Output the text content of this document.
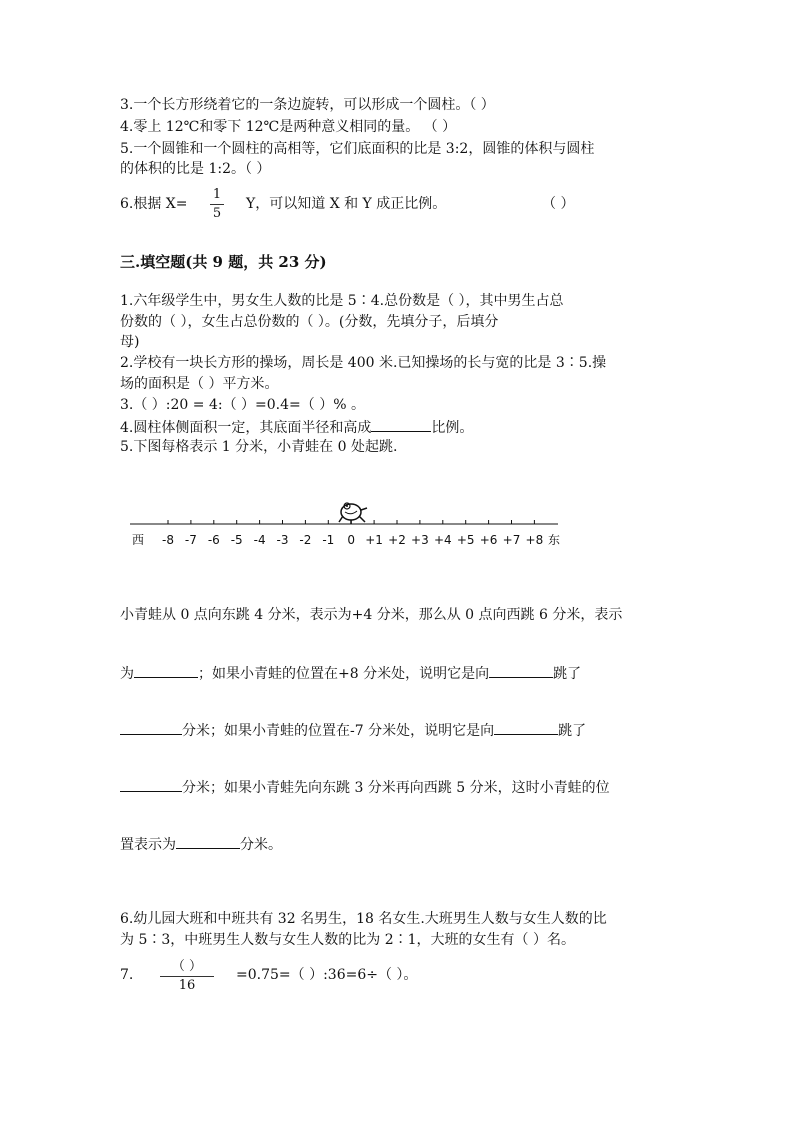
3.一个长方形绕着它的一条边旋转，可以形成一个圆柱。（ ）
4.零上 12℃和零下 12℃是两种意义相同的量。 （ ）
5.一个圆锥和一个圆柱的高相等，它们底面积的比是 3:2，圆锥的体积与圆柱
的体积的比是 1:2。（ ）
6.根据 X=
1
5
Y，可以知道 X 和 Y 成正比例。	（ ）
三.填空题(共 9 题，共 23 分)
1.六年级学生中，男女生人数的比是 5∶4.总份数是（ ），其中男生占总
份数的（ ），女生占总份数的（ ）。(分数，先填分子，后填分
母)
2.学校有一块长方形的操场，周长是 400 米.已知操场的长与宽的比是 3∶5.操
场的面积是（ ）平方米。
3.（ ）:20 = 4:（ ）=0.4=（ ）% 。
4.圆柱体侧面积一定，其底面半径和高成	比例。
5.下图每格表示 1 分米，小青蛙在 0 处起跳.
西 -8 -7 -6 -5 -4 -3 -2 -1 0 +1 +2 +3 +4 +5 +6 +7 +8 东
小青蛙从 0 点向东跳 4 分米，表示为+4 分米，那么从 0 点向西跳 6 分米，表示
为	；如果小青蛙的位置在+8 分米处，说明它是向	跳了
分米；如果小青蛙的位置在-7 分米处，说明它是向	跳了
分米；如果小青蛙先向东跳 3 分米再向西跳 5 分米，这时小青蛙的位
置表示为	分米。
6.幼儿园大班和中班共有 32 名男生，18 名女生.大班男生人数与女生人数的比
为 5∶3，中班男生人数与女生人数的比为 2∶1，大班的女生有（ ）名。
7.
（ ）
16
=0.75=（ ）:36=6÷（ ）。
